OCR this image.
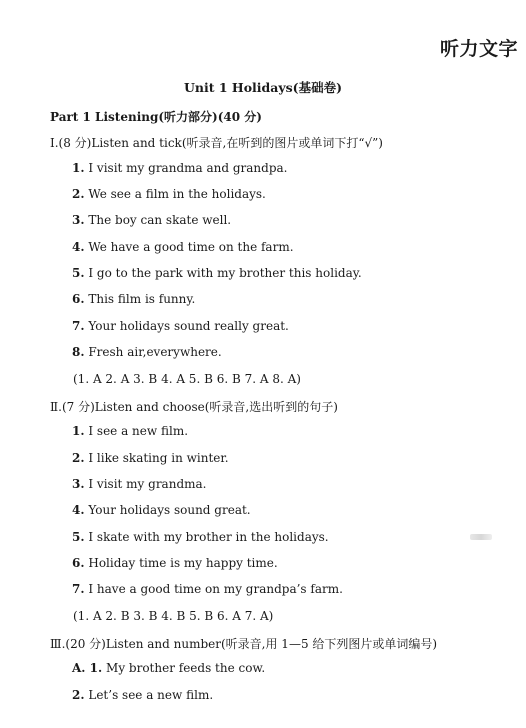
听力文字
Unit 1 Holidays(基础卷)
Part 1 Listening(听力部分)(40 分)
Ⅰ.(8 分)Listen and tick(听录音,在听到的图片或单词下打“√”)
1. I visit my grandma and grandpa.
2. We see a film in the holidays.
3. The boy can skate well.
4. We have a good time on the farm.
5. I go to the park with my brother this holiday.
6. This film is funny.
7. Your holidays sound really great.
8. Fresh air,everywhere.
(1. A 2. A 3. B 4. A 5. B 6. B 7. A 8. A)
Ⅱ.(7 分)Listen and choose(听录音,选出听到的句子)
1. I see a new film.
2. I like skating in winter.
3. I visit my grandma.
4. Your holidays sound great.
5. I skate with my brother in the holidays.
6. Holiday time is my happy time.
7. I have a good time on my grandpa’s farm.
(1. A 2. B 3. B 4. B 5. B 6. A 7. A)
Ⅲ.(20 分)Listen and number(听录音,用 1—5 给下列图片或单词编号)
A. 1. My brother feeds the cow.
2. Let’s see a new film.
